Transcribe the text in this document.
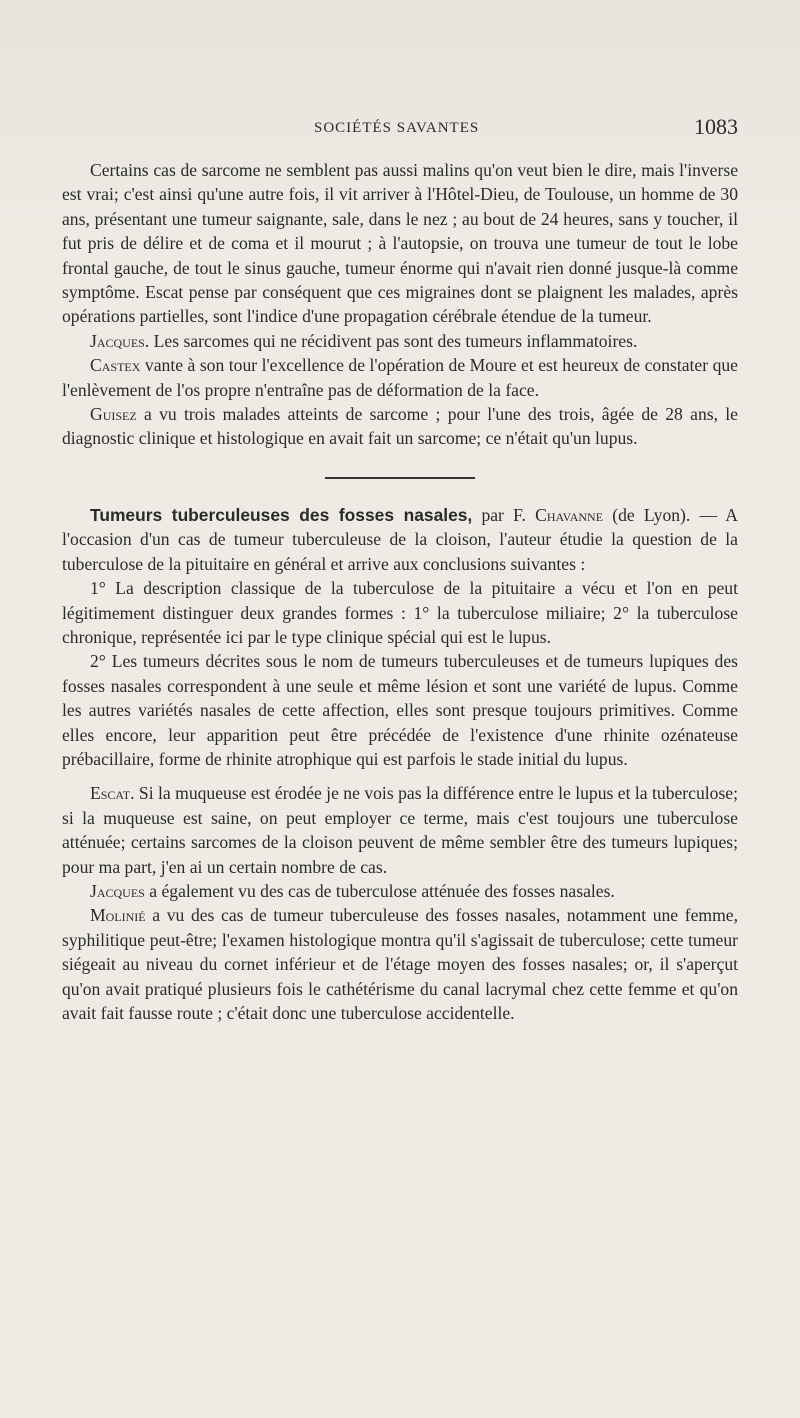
SOCIÉTÉS SAVANTES	1083

Certains cas de sarcome ne semblent pas aussi malins qu'on veut bien le dire, mais l'inverse est vrai; c'est ainsi qu'une autre fois, il vit arriver à l'Hôtel-Dieu, de Toulouse, un homme de 30 ans, présentant une tumeur saignante, sale, dans le nez ; au bout de 24 heures, sans y toucher, il fut pris de délire et de coma et il mourut ; à l'autopsie, on trouva une tumeur de tout le lobe frontal gauche, de tout le sinus gauche, tumeur énorme qui n'avait rien donné jusque-là comme symptôme. Escat pense par conséquent que ces migraines dont se plaignent les malades, après opérations partielles, sont l'indice d'une propagation cérébrale étendue de la tumeur.

Jacques. Les sarcomes qui ne récidivent pas sont des tumeurs inflammatoires.

Castex vante à son tour l'excellence de l'opération de Moure et est heureux de constater que l'enlèvement de l'os propre n'entraîne pas de déformation de la face.

Guisez a vu trois malades atteints de sarcome ; pour l'une des trois, âgée de 28 ans, le diagnostic clinique et histologique en avait fait un sarcome; ce n'était qu'un lupus.

Tumeurs tuberculeuses des fosses nasales, par F. Chavanne (de Lyon). — A l'occasion d'un cas de tumeur tuberculeuse de la cloison, l'auteur étudie la question de la tuberculose de la pituitaire en général et arrive aux conclusions suivantes :

1° La description classique de la tuberculose de la pituitaire a vécu et l'on en peut légitimement distinguer deux grandes formes : 1° la tuberculose miliaire; 2° la tuberculose chronique, représentée ici par le type clinique spécial qui est le lupus.

2° Les tumeurs décrites sous le nom de tumeurs tuberculeuses et de tumeurs lupiques des fosses nasales correspondent à une seule et même lésion et sont une variété de lupus. Comme les autres variétés nasales de cette affection, elles sont presque toujours primitives. Comme elles encore, leur apparition peut être précédée de l'existence d'une rhinite ozénateuse prébacillaire, forme de rhinite atrophique qui est parfois le stade initial du lupus.

Escat. Si la muqueuse est érodée je ne vois pas la différence entre le lupus et la tuberculose; si la muqueuse est saine, on peut employer ce terme, mais c'est toujours une tuberculose atténuée; certains sarcomes de la cloison peuvent de même sembler être des tumeurs lupiques; pour ma part, j'en ai un certain nombre de cas.

Jacques a également vu des cas de tuberculose atténuée des fosses nasales.

Molinié a vu des cas de tumeur tuberculeuse des fosses nasales, notamment une femme, syphilitique peut-être; l'examen histologique montra qu'il s'agissait de tuberculose; cette tumeur siégeait au niveau du cornet inférieur et de l'étage moyen des fosses nasales; or, il s'aperçut qu'on avait pratiqué plusieurs fois le cathétérisme du canal lacrymal chez cette femme et qu'on avait fait fausse route ; c'était donc une tuberculose accidentelle.
